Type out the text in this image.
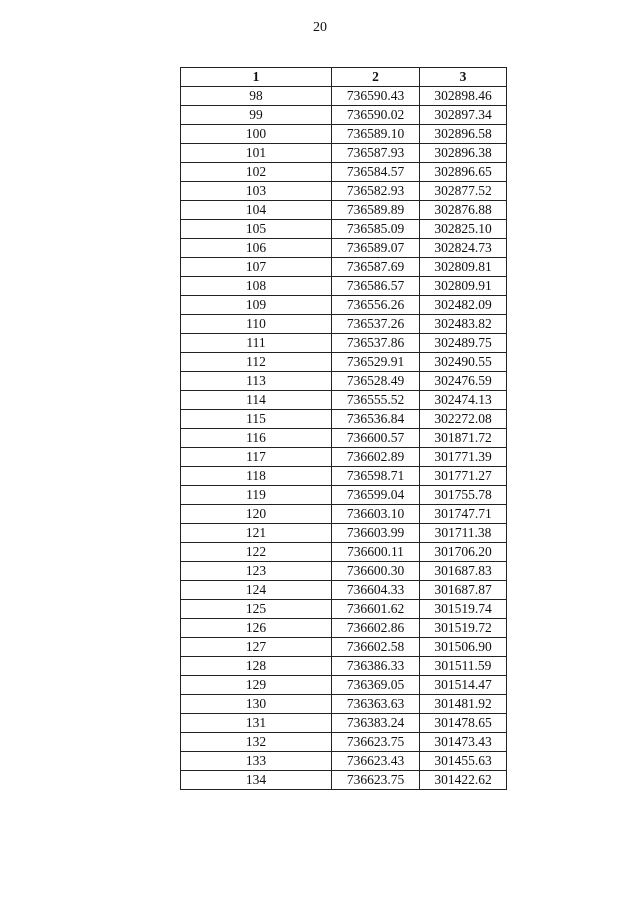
20
1	2	3
98	736590.43	302898.46
99	736590.02	302897.34
100	736589.10	302896.58
101	736587.93	302896.38
102	736584.57	302896.65
103	736582.93	302877.52
104	736589.89	302876.88
105	736585.09	302825.10
106	736589.07	302824.73
107	736587.69	302809.81
108	736586.57	302809.91
109	736556.26	302482.09
110	736537.26	302483.82
111	736537.86	302489.75
112	736529.91	302490.55
113	736528.49	302476.59
114	736555.52	302474.13
115	736536.84	302272.08
116	736600.57	301871.72
117	736602.89	301771.39
118	736598.71	301771.27
119	736599.04	301755.78
120	736603.10	301747.71
121	736603.99	301711.38
122	736600.11	301706.20
123	736600.30	301687.83
124	736604.33	301687.87
125	736601.62	301519.74
126	736602.86	301519.72
127	736602.58	301506.90
128	736386.33	301511.59
129	736369.05	301514.47
130	736363.63	301481.92
131	736383.24	301478.65
132	736623.75	301473.43
133	736623.43	301455.63
134	736623.75	301422.62
